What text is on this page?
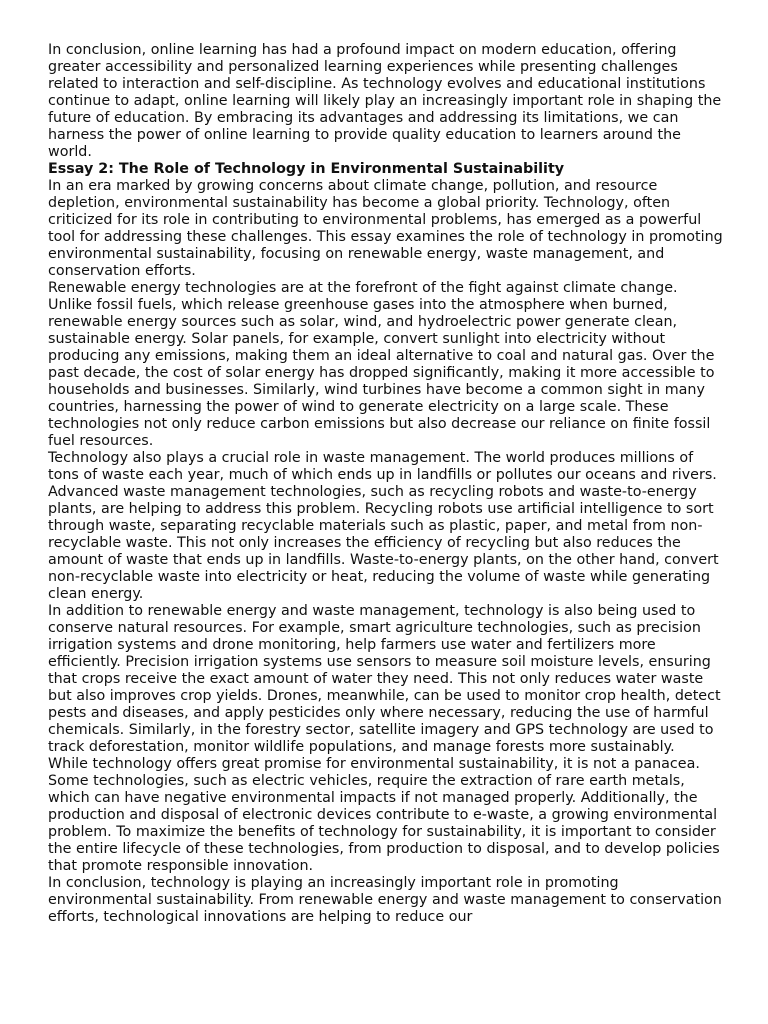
In conclusion, online learning has had a profound impact on modern education, offering greater accessibility and personalized learning experiences while presenting challenges related to interaction and self-discipline. As technology evolves and educational institutions continue to adapt, online learning will likely play an increasingly important role in shaping the future of education. By embracing its advantages and addressing its limitations, we can harness the power of online learning to provide quality education to learners around the world.

Essay 2: The Role of Technology in Environmental Sustainability

In an era marked by growing concerns about climate change, pollution, and resource depletion, environmental sustainability has become a global priority. Technology, often criticized for its role in contributing to environmental problems, has emerged as a powerful tool for addressing these challenges. This essay examines the role of technology in promoting environmental sustainability, focusing on renewable energy, waste management, and conservation efforts.

Renewable energy technologies are at the forefront of the fight against climate change. Unlike fossil fuels, which release greenhouse gases into the atmosphere when burned, renewable energy sources such as solar, wind, and hydroelectric power generate clean, sustainable energy. Solar panels, for example, convert sunlight into electricity without producing any emissions, making them an ideal alternative to coal and natural gas. Over the past decade, the cost of solar energy has dropped significantly, making it more accessible to households and businesses. Similarly, wind turbines have become a common sight in many countries, harnessing the power of wind to generate electricity on a large scale. These technologies not only reduce carbon emissions but also decrease our reliance on finite fossil fuel resources.

Technology also plays a crucial role in waste management. The world produces millions of tons of waste each year, much of which ends up in landfills or pollutes our oceans and rivers. Advanced waste management technologies, such as recycling robots and waste-to-energy plants, are helping to address this problem. Recycling robots use artificial intelligence to sort through waste, separating recyclable materials such as plastic, paper, and metal from non-recyclable waste. This not only increases the efficiency of recycling but also reduces the amount of waste that ends up in landfills. Waste-to-energy plants, on the other hand, convert non-recyclable waste into electricity or heat, reducing the volume of waste while generating clean energy.

In addition to renewable energy and waste management, technology is also being used to conserve natural resources. For example, smart agriculture technologies, such as precision irrigation systems and drone monitoring, help farmers use water and fertilizers more efficiently. Precision irrigation systems use sensors to measure soil moisture levels, ensuring that crops receive the exact amount of water they need. This not only reduces water waste but also improves crop yields. Drones, meanwhile, can be used to monitor crop health, detect pests and diseases, and apply pesticides only where necessary, reducing the use of harmful chemicals. Similarly, in the forestry sector, satellite imagery and GPS technology are used to track deforestation, monitor wildlife populations, and manage forests more sustainably.

While technology offers great promise for environmental sustainability, it is not a panacea. Some technologies, such as electric vehicles, require the extraction of rare earth metals, which can have negative environmental impacts if not managed properly. Additionally, the production and disposal of electronic devices contribute to e-waste, a growing environmental problem. To maximize the benefits of technology for sustainability, it is important to consider the entire lifecycle of these technologies, from production to disposal, and to develop policies that promote responsible innovation.

In conclusion, technology is playing an increasingly important role in promoting environmental sustainability. From renewable energy and waste management to conservation efforts, technological innovations are helping to reduce our
